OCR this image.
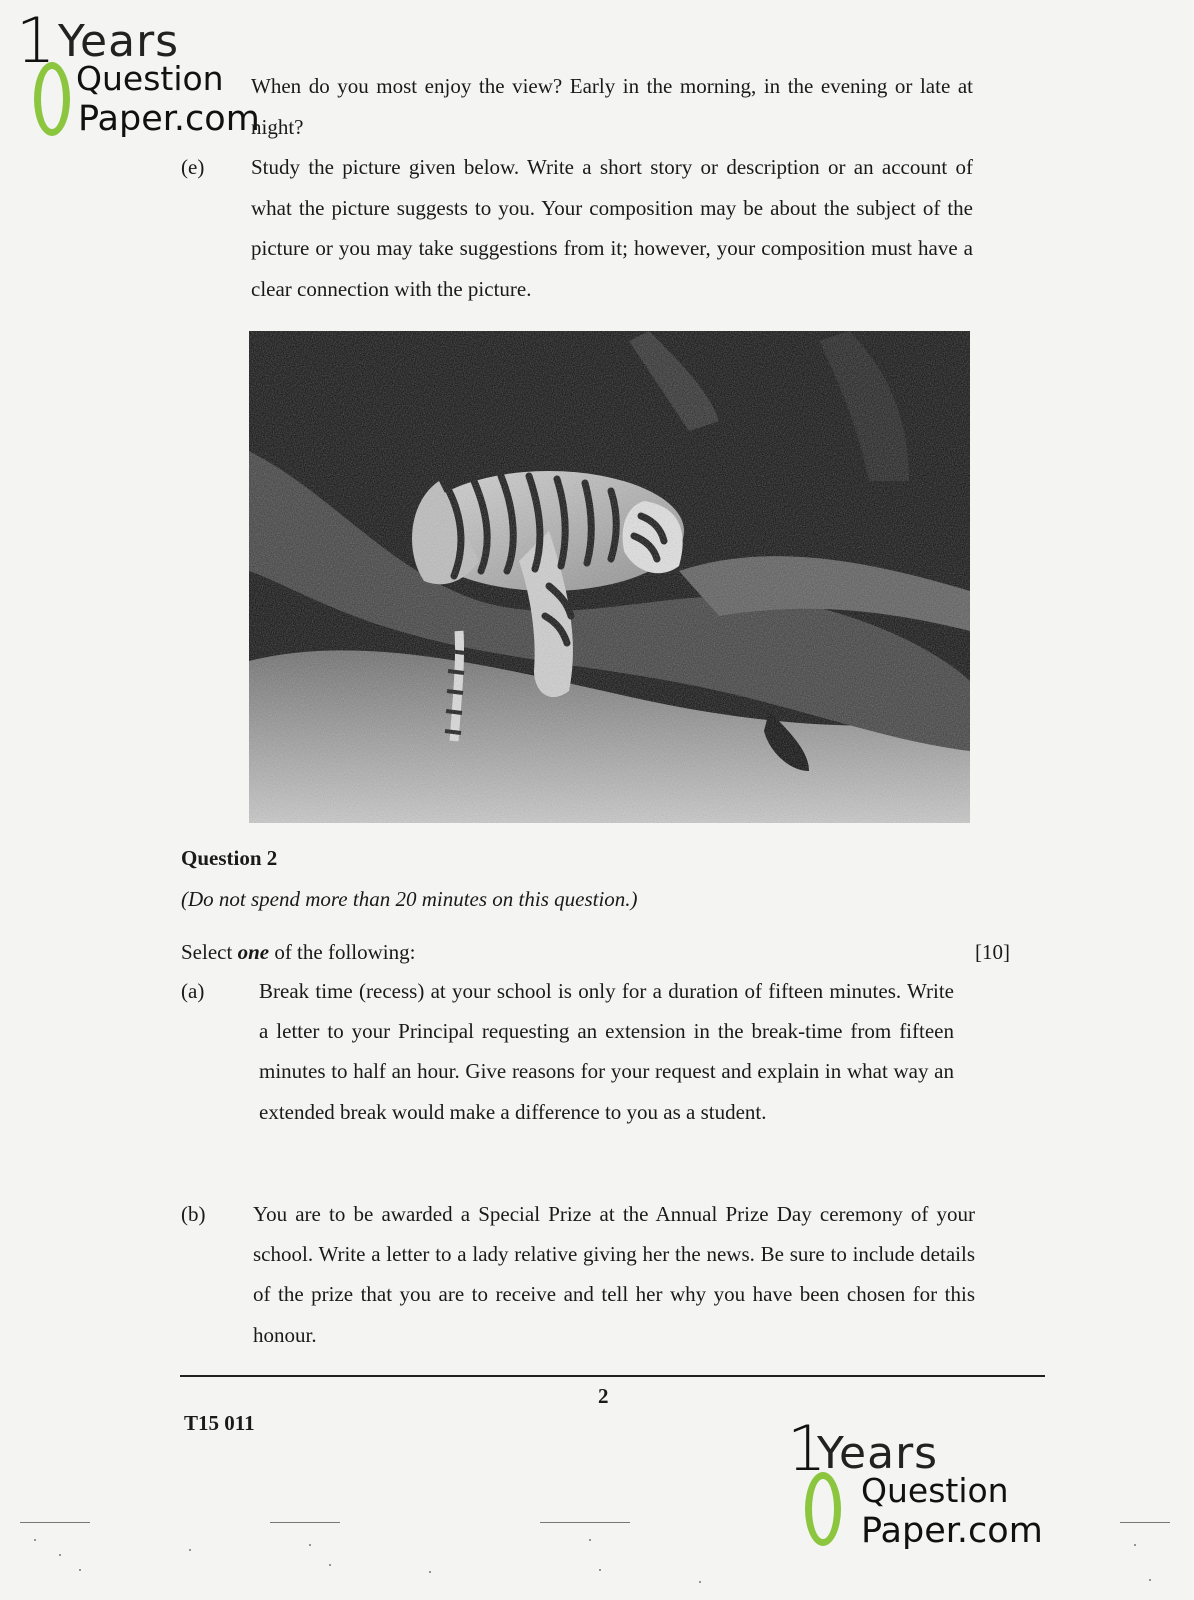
1 Years
Question
Paper.com
When do you most enjoy the view? Early in the morning, in the evening or late at night?
(e) Study the picture given below. Write a short story or description or an account of what the picture suggests to you. Your composition may be about the subject of the picture or you may take suggestions from it; however, your composition must have a clear connection with the picture.
Question 2
(Do not spend more than 20 minutes on this question.)
Select one of the following:	[10]
(a)	Break time (recess) at your school is only for a duration of fifteen minutes. Write a letter to your Principal requesting an extension in the break-time from fifteen minutes to half an hour. Give reasons for your request and explain in what way an extended break would make a difference to you as a student.
(b) You are to be awarded a Special Prize at the Annual Prize Day ceremony of your school. Write a letter to a lady relative giving her the news. Be sure to include details of the prize that you are to receive and tell her why you have been chosen for this honour.
2
T15 011	1
Years
Question
Paper.com
